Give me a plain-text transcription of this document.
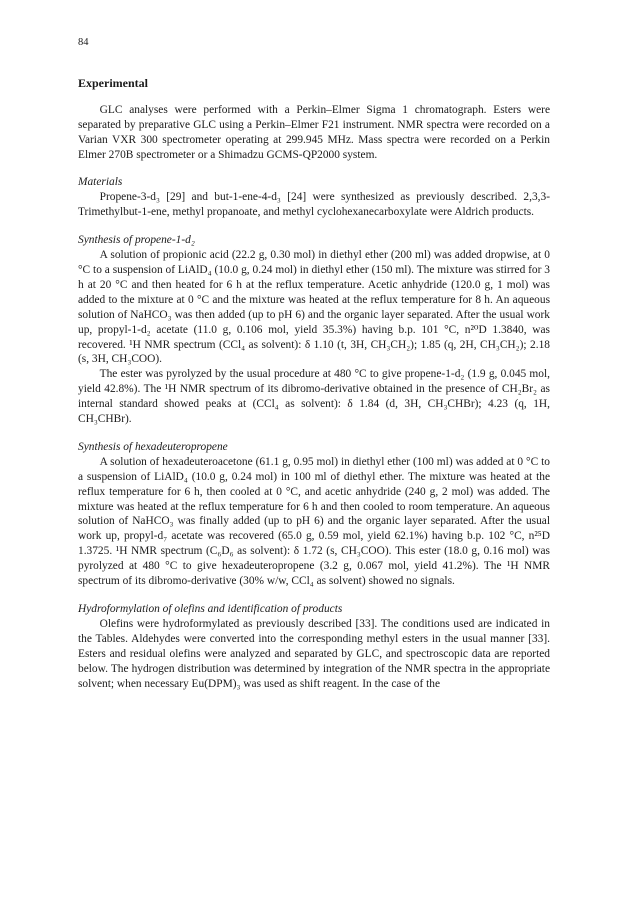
84
Experimental

GLC analyses were performed with a Perkin–Elmer Sigma 1 chromatograph. Esters were separated by preparative GLC using a Perkin–Elmer F21 instrument. NMR spectra were recorded on a Varian VXR 300 spectrometer operating at 299.945 MHz. Mass spectra were recorded on a Perkin Elmer 270B spectrometer or a Shimadzu GCMS-QP2000 system.

Materials

Propene-3-d₃ [29] and but-1-ene-4-d₃ [24] were synthesized as previously described. 2,3,3-Trimethylbut-1-ene, methyl propanoate, and methyl cyclohexanecarboxylate were Aldrich products.

Synthesis of propene-1-d₂

A solution of propionic acid (22.2 g, 0.30 mol) in diethyl ether (200 ml) was added dropwise, at 0 °C to a suspension of LiAlD₄ (10.0 g, 0.24 mol) in diethyl ether (150 ml). The mixture was stirred for 3 h at 20 °C and then heated for 6 h at the reflux temperature. Acetic anhydride (120.0 g, 1 mol) was added to the mixture at 0 °C and the mixture was heated at the reflux temperature for 8 h. An aqueous solution of NaHCO₃ was then added (up to pH 6) and the organic layer separated. After the usual work up, propyl-1-d₂ acetate (11.0 g, 0.106 mol, yield 35.3%) having b.p. 101 °C, n²⁰D 1.3840, was recovered. ¹H NMR spectrum (CCl₄ as solvent): δ 1.10 (t, 3H, CH₃CH₂); 1.85 (q, 2H, CH₃CH₂); 2.18 (s, 3H, CH₃COO).

The ester was pyrolyzed by the usual procedure at 480 °C to give propene-1-d₂ (1.9 g, 0.045 mol, yield 42.8%). The ¹H NMR spectrum of its dibromo-derivative obtained in the presence of CH₂Br₂ as internal standard showed peaks at (CCl₄ as solvent): δ 1.84 (d, 3H, CH₃CHBr); 4.23 (q, 1H, CH₃CHBr).

Synthesis of hexadeuteropropene

A solution of hexadeuteroacetone (61.1 g, 0.95 mol) in diethyl ether (100 ml) was added at 0 °C to a suspension of LiAlD₄ (10.0 g, 0.24 mol) in 100 ml of diethyl ether. The mixture was heated at the reflux temperature for 6 h, then cooled at 0 °C, and acetic anhydride (240 g, 2 mol) was added. The mixture was heated at the reflux temperature for 6 h and then cooled to room temperature. An aqueous solution of NaHCO₃ was finally added (up to pH 6) and the organic layer separated. After the usual work up, propyl-d₇ acetate was recovered (65.0 g, 0.59 mol, yield 62.1%) having b.p. 102 °C, n²⁵D 1.3725. ¹H NMR spectrum (C₆D₆ as solvent): δ 1.72 (s, CH₃COO). This ester (18.0 g, 0.16 mol) was pyrolyzed at 480 °C to give hexadeuteropropene (3.2 g, 0.067 mol, yield 41.2%). The ¹H NMR spectrum of its dibromo-derivative (30% w/w, CCl₄ as solvent) showed no signals.

Hydroformylation of olefins and identification of products

Olefins were hydroformylated as previously described [33]. The conditions used are indicated in the Tables. Aldehydes were converted into the corresponding methyl esters in the usual manner [33]. Esters and residual olefins were analyzed and separated by GLC, and spectroscopic data are reported below. The hydrogen distribution was determined by integration of the NMR spectra in the appropriate solvent; when necessary Eu(DPM)₃ was used as shift reagent. In the case of the
